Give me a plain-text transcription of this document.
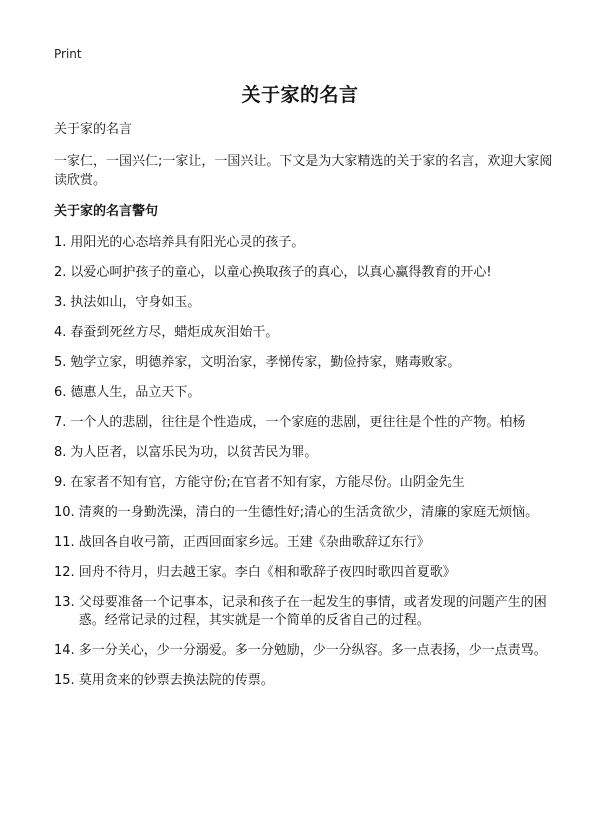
Print
关于家的名言
关于家的名言
一家仁，一国兴仁;一家让，一国兴让。下文是为大家精选的关于家的名言，欢迎大家阅读欣赏。
关于家的名言警句
1. 用阳光的心态培养具有阳光心灵的孩子。
2. 以爱心呵护孩子的童心，以童心换取孩子的真心，以真心赢得教育的开心!
3. 执法如山，守身如玉。
4. 春蚕到死丝方尽，蜡炬成灰泪始干。
5. 勉学立家，明德养家，文明治家，孝悌传家，勤俭持家，赌毒败家。
6. 德惠人生，品立天下。
7. 一个人的悲剧，往往是个性造成，一个家庭的悲剧，更往往是个性的产物。柏杨
8. 为人臣者，以富乐民为功，以贫苦民为罪。
9. 在家者不知有官，方能守份;在官者不知有家，方能尽份。山阴金先生
10. 清爽的一身勤洗澡，清白的一生德性好;清心的生活贪欲少，清廉的家庭无烦恼。
11. 战回各自收弓箭，正西回面家乡远。王建《杂曲歌辞辽东行》
12. 回舟不待月，归去越王家。李白《相和歌辞子夜四时歌四首夏歌》
13. 父母要准备一个记事本，记录和孩子在一起发生的事情，或者发现的问题产生的困惑。经常记录的过程，其实就是一个简单的反省自己的过程。
14. 多一分关心，少一分溺爱。多一分勉励，少一分纵容。多一点表扬，少一点责骂。
15. 莫用贪来的钞票去换法院的传票。
